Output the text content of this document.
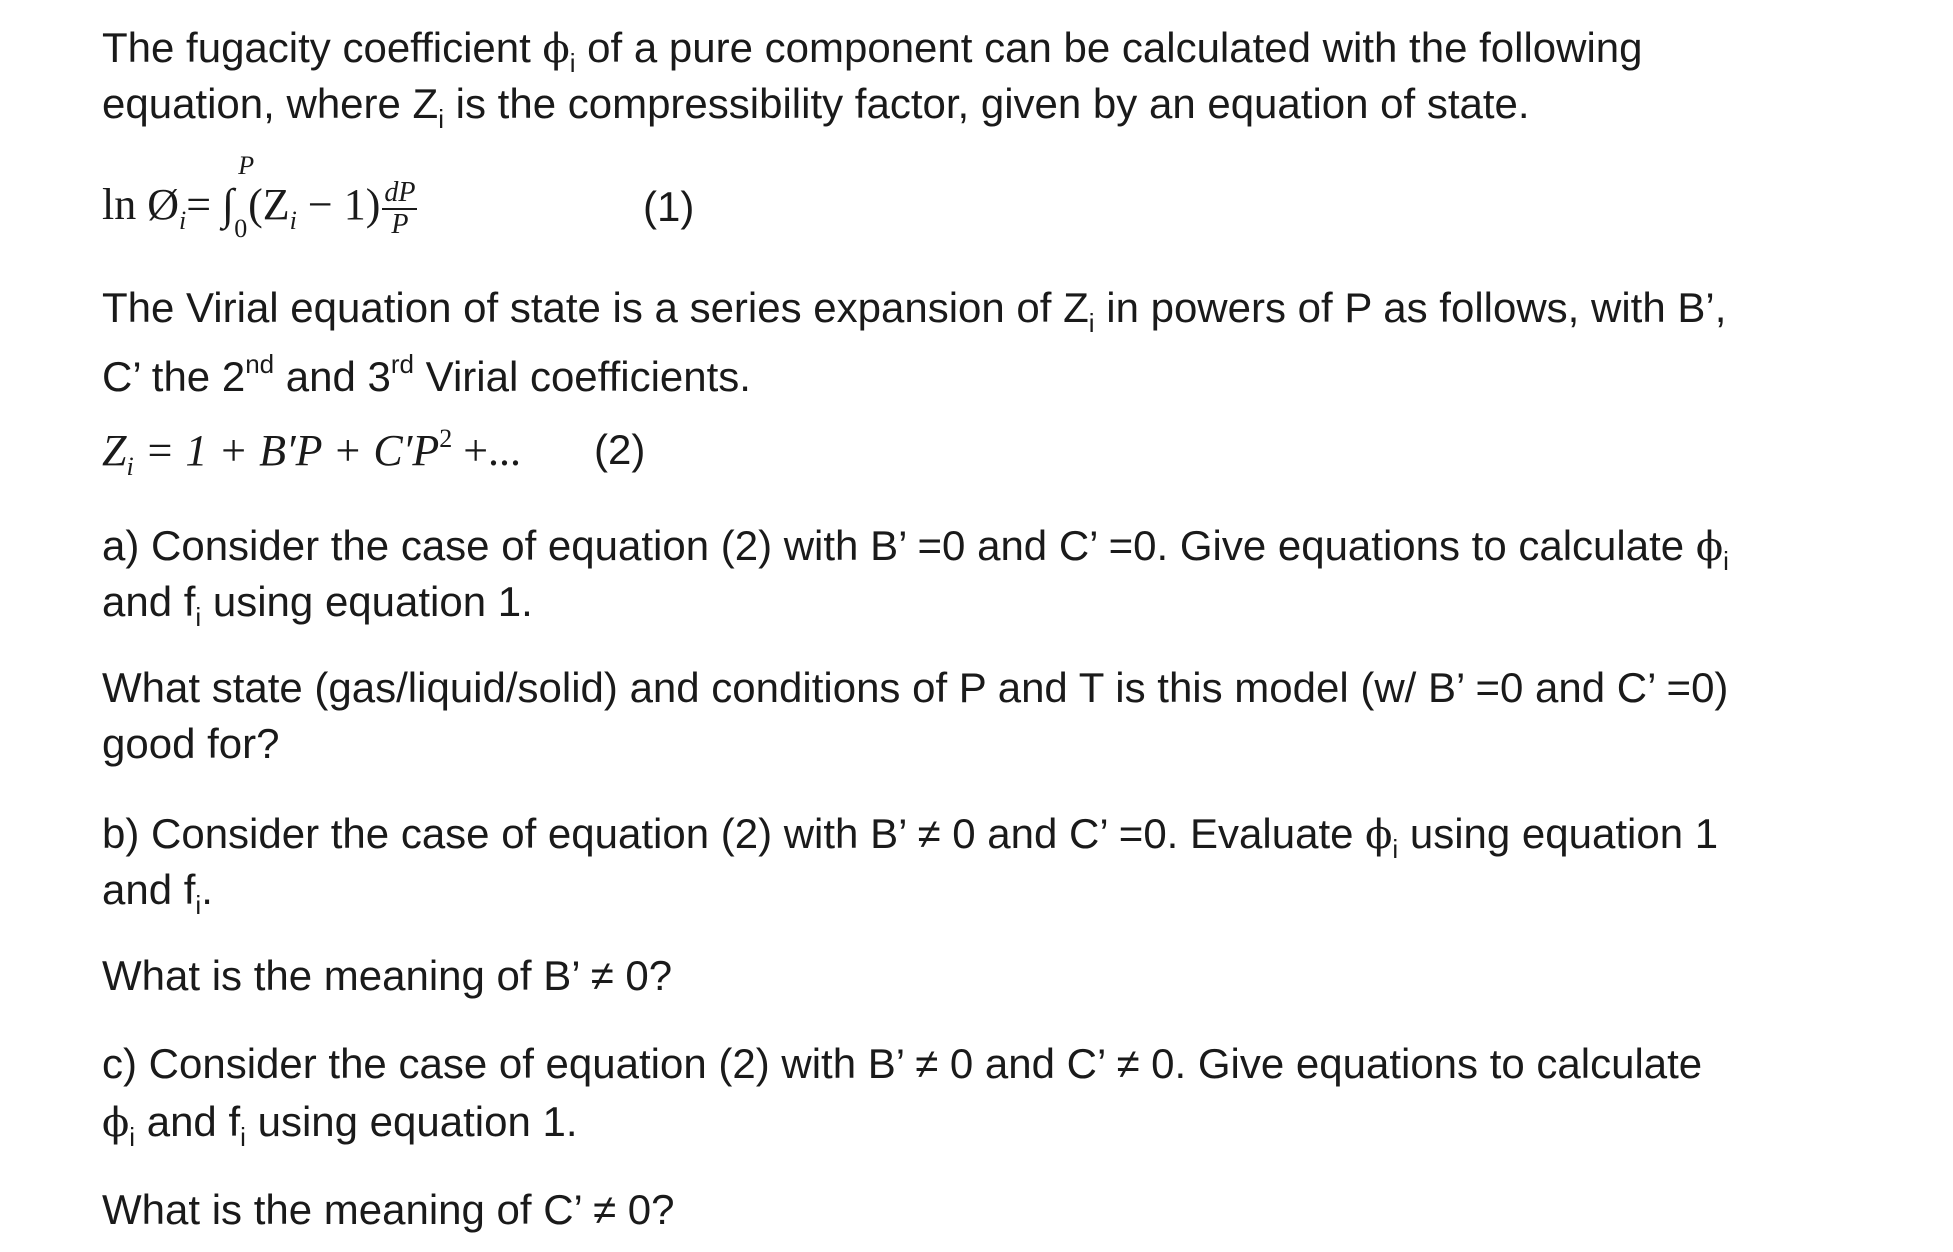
The fugacity coefficient $\phi_i$ of a pure component can be calculated with the following
equation, where $Z_i$ is the compressibility factor, given by an equation of state.
$\ln Ø_i=$ ∫
P
0 $(Z_i - 1) \frac{dP}{P}$	(1)
The Virial equation of state is a series expansion of $Z_i$ in powers of P as follows, with B’,
C’ the 2nd and 3rd Virial coefficients.
$Z_i = 1 + B'P + C'P^2$ +... (2)
a) Consider the case of equation (2) with B’ =0 and C’ =0. Give equations to calculate $\phi_i$
and $f_i$ using equation 1.
What state (gas/liquid/solid) and conditions of P and T is this model (w/ B’ =0 and C’ =0)
good for?
b) Consider the case of equation (2) with B’ ≠ 0 and C’ =0. Evaluate $\phi_i$ using equation 1
and $f_i$.
What is the meaning of B’ ≠ 0?
c) Consider the case of equation (2) with B’ ≠ 0 and C’ ≠ 0. Give equations to calculate
$\phi_i$ and $f_i$ using equation 1.
What is the meaning of C’ ≠ 0?
